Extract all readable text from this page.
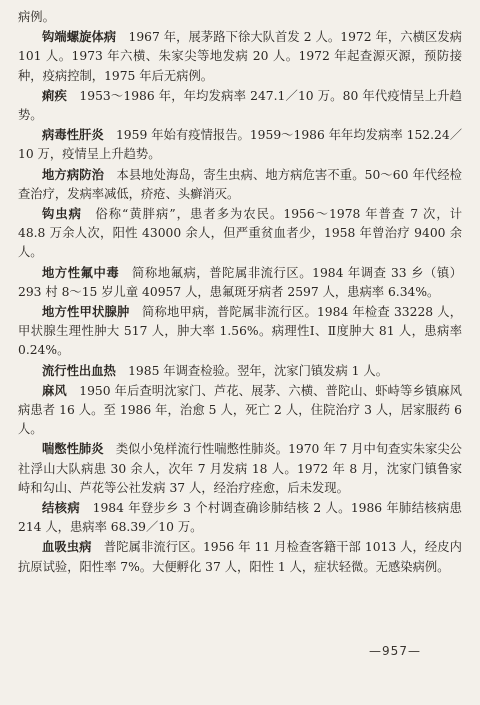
病例。

钩端螺旋体病　1967 年，展茅路下徐大队首发 2 人。1972 年，六横区发病 101 人。1973 年六横、朱家尖等地发病 20 人。1972 年起查源灭源，预防接种，疫病控制，1975 年后无病例。

痢疾　1953～1986 年，年均发病率 247.1／10 万。80 年代疫情呈上升趋势。

病毒性肝炎　1959 年始有疫情报告。1959～1986 年年均发病率 152.24／10 万，疫情呈上升趋势。

地方病防治　本县地处海岛，寄生虫病、地方病危害不重。50～60 年代经检查治疗，发病率减低，疥疮、头癣消灭。

钩虫病　俗称“黄胖病”，患者多为农民。1956～1978 年普查 7 次，计 48.8 万余人次，阳性 43000 余人，但严重贫血者少，1958 年曾治疗 9400 余人。

地方性氟中毒　简称地氟病，普陀属非流行区。1984 年调查 33 乡（镇）293 村 8～15 岁儿童 40957 人，患氟斑牙病者 2597 人，患病率 6.34%。

地方性甲状腺肿　简称地甲病，普陀属非流行区。1984 年检查 33228 人，甲状腺生理性肿大 517 人，肿大率 1.56%。病理性Ⅰ、Ⅱ度肿大 81 人，患病率 0.24%。

流行性出血热　1985 年调查检验。翌年，沈家门镇发病 1 人。

麻风　1950 年后查明沈家门、芦花、展茅、六横、普陀山、虾峙等乡镇麻风病患者 16 人。至 1986 年，治愈 5 人，死亡 2 人，住院治疗 3 人，居家服药 6 人。

喘憋性肺炎　类似小兔样流行性喘憋性肺炎。1970 年 7 月中旬查实朱家尖公社浮山大队病患 30 余人，次年 7 月发病 18 人。1972 年 8 月，沈家门镇鲁家峙和勾山、芦花等公社发病 37 人，经治疗痊愈，后未发现。

结核病　1984 年登步乡 3 个村调查确诊肺结核 2 人。1986 年肺结核病患 214 人，患病率 68.39／10 万。

血吸虫病　普陀属非流行区。1956 年 11 月检查客籍干部 1013 人，经皮内抗原试验，阳性率 7%。大便孵化 37 人，阳性 1 人，症状轻微。无感染病例。

—957—
